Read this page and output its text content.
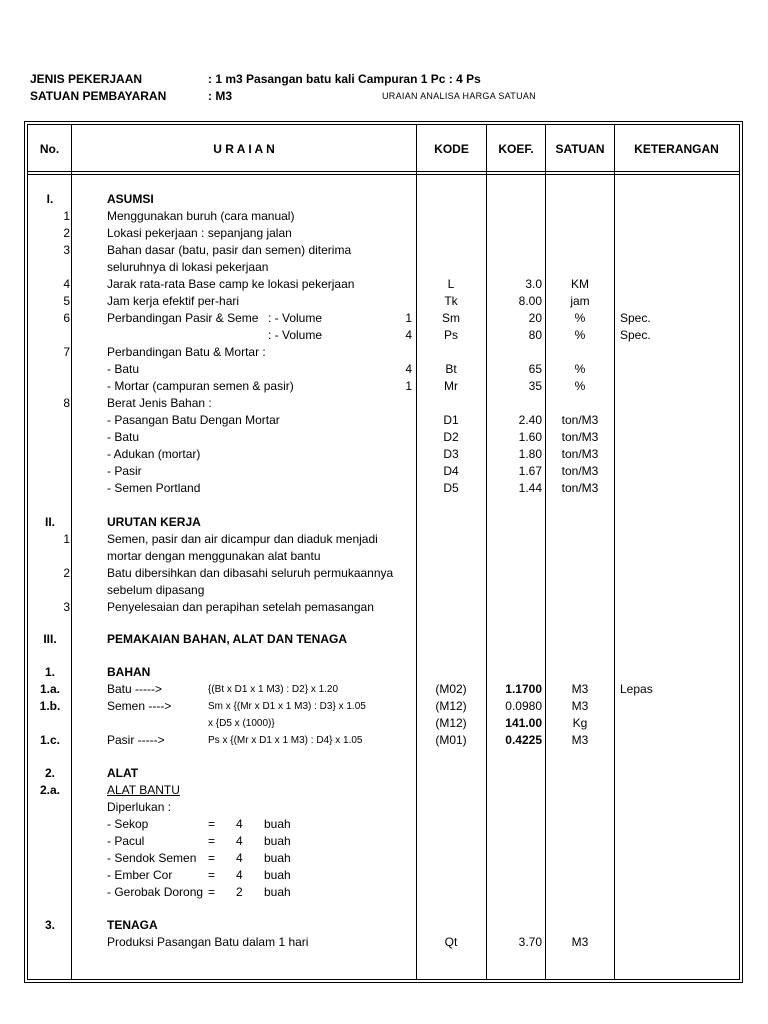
JENIS PEKERJAAN	: 1 m3 Pasangan batu kali Campuran 1 Pc : 4 Ps
SATUAN PEMBAYARAN	: M3	URAIAN ANALISA HARGA SATUAN
No.	U R A I A N	KODE	KOEF.	SATUAN	KETERANGAN
I.	ASUMSI
1	Menggunakan buruh (cara manual)
2	Lokasi pekerjaan : sepanjang jalan
3	Bahan dasar (batu, pasir dan semen) diterima
seluruhnya di lokasi pekerjaan
4	Jarak rata-rata Base camp ke lokasi pekerjaan	L	3.0	KM
5	Jam kerja efektif per-hari	Tk	8.00	jam
6	Perbandingan Pasir & Seme : - Volume	1	Sm	20	%	Spec.
: - Volume	4	Ps	80	%	Spec.
7	Perbandingan Batu & Mortar :
- Batu	4	Bt	65	%
- Mortar (campuran semen & pasir)	1	Mr	35	%
8	Berat Jenis Bahan :
- Pasangan Batu Dengan Mortar	D1	2.40	ton/M3
- Batu	D2	1.60	ton/M3
- Adukan (mortar)	D3	1.80	ton/M3
- Pasir	D4	1.67	ton/M3
- Semen Portland	D5	1.44	ton/M3
II.	URUTAN KERJA
1	Semen, pasir dan air dicampur dan diaduk menjadi
mortar dengan menggunakan alat bantu
2	Batu dibersihkan dan dibasahi seluruh permukaannya
sebelum dipasang
3	Penyelesaian dan perapihan setelah pemasangan
III.	PEMAKAIAN BAHAN, ALAT DAN TENAGA
1.	BAHAN
1.a.	Batu ----->	{(Bt x D1 x 1 M3) : D2} x 1.20	(M02)	1.1700	M3	Lepas
1.b.	Semen ---->	Sm x {(Mr x D1 x 1 M3) : D3} x 1.05	(M12)	0.0980	M3
x {D5 x (1000)}	(M12)	141.00	Kg
1.c.	Pasir ----->	Ps x {(Mr x D1 x 1 M3) : D4} x 1.05	(M01)	0.4225	M3
2.	ALAT
2.a.	ALAT BANTU
Diperlukan :
- Sekop	= 4 buah
- Pacul	= 4 buah
- Sendok Semen = 4 buah
- Ember Cor	= 4 buah
- Gerobak Dorong = 2 buah
3.	TENAGA
Produksi Pasangan Batu dalam 1 hari	Qt	3.70	M3
